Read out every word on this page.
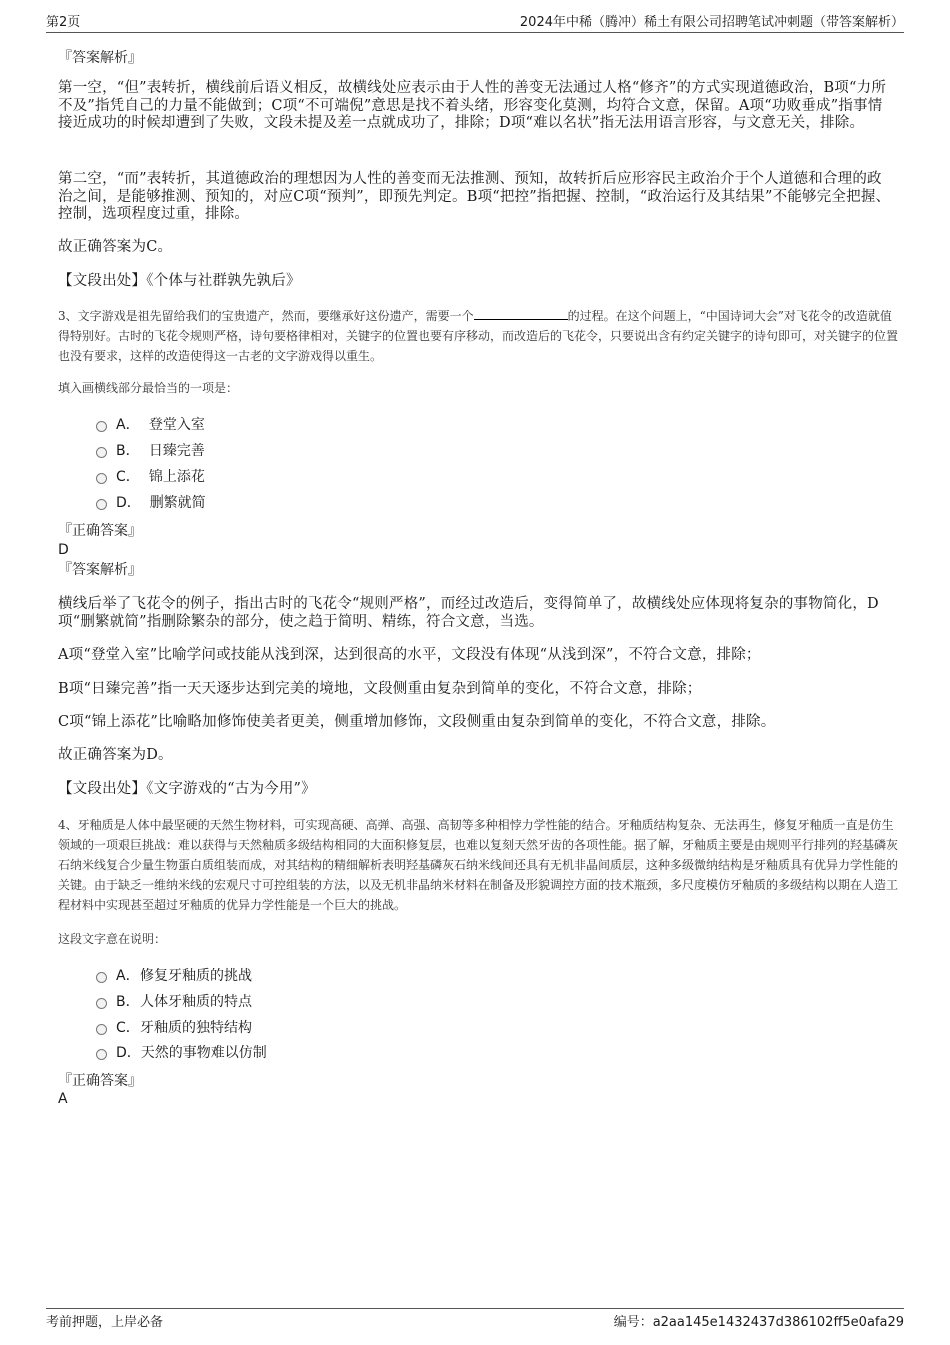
第2页	2024年中稀（腾冲）稀土有限公司招聘笔试冲刺题（带答案解析）
『答案解析』
第一空，“但”表转折，横线前后语义相反，故横线处应表示由于人性的善变无法通过人格“修齐”的方式实现道德政治，B项“力所不及”指凭自己的力量不能做到；C项“不可端倪”意思是找不着头绪，形容变化莫测，均符合文意，保留。A项“功败垂成”指事情接近成功的时候却遭到了失败，文段未提及差一点就成功了，排除；D项“难以名状”指无法用语言形容，与文意无关，排除。
第二空，“而”表转折，其道德政治的理想因为人性的善变而无法推测、预知，故转折后应形容民主政治介于个人道德和合理的政治之间，是能够推测、预知的，对应C项“预判”，即预先判定。B项“把控”指把握、控制，“政治运行及其结果”不能够完全把握、控制，选项程度过重，排除。
故正确答案为C。
【文段出处】《个体与社群孰先孰后》
3、文字游戏是祖先留给我们的宝贵遗产，然而，要继承好这份遗产，需要一个	的过程。在这个问题上，“中国诗词大会”对飞花令的改造就值得特别好。古时的飞花令规则严格，诗句要格律相对，关键字的位置也要有序移动，而改造后的飞花令，只要说出含有约定关键字的诗句即可，对关键字的位置也没有要求，这样的改造使得这一古老的文字游戏得以重生。
填入画横线部分最恰当的一项是：
A． 登堂入室
B． 日臻完善
C． 锦上添花
D． 删繁就简
『正确答案』
D
『答案解析』
横线后举了飞花令的例子，指出古时的飞花令“规则严格”，而经过改造后，变得简单了，故横线处应体现将复杂的事物简化，D项“删繁就简”指删除繁杂的部分，使之趋于简明、精练，符合文意，当选。
A项“登堂入室”比喻学问或技能从浅到深，达到很高的水平，文段没有体现“从浅到深”，不符合文意，排除；
B项“日臻完善”指一天天逐步达到完美的境地，文段侧重由复杂到简单的变化，不符合文意，排除；
C项“锦上添花”比喻略加修饰使美者更美，侧重增加修饰，文段侧重由复杂到简单的变化，不符合文意，排除。
故正确答案为D。
【文段出处】《文字游戏的“古为今用”》
4、牙釉质是人体中最坚硬的天然生物材料，可实现高硬、高弹、高强、高韧等多种相悖力学性能的结合。牙釉质结构复杂、无法再生，修复牙釉质一直是仿生领域的一项艰巨挑战：难以获得与天然釉质多级结构相同的大面积修复层，也难以复刻天然牙齿的各项性能。据了解，牙釉质主要是由规则平行排列的羟基磷灰石纳米线复合少量生物蛋白质组装而成，对其结构的精细解析表明羟基磷灰石纳米线间还具有无机非晶间质层，这种多级微纳结构是牙釉质具有优异力学性能的关键。由于缺乏一维纳米线的宏观尺寸可控组装的方法，以及无机非晶纳米材料在制备及形貌调控方面的技术瓶颈，多尺度模仿牙釉质的多级结构以期在人造工程材料中实现甚至超过牙釉质的优异力学性能是一个巨大的挑战。
这段文字意在说明：
A．修复牙釉质的挑战
B．人体牙釉质的特点
C．牙釉质的独特结构
D．天然的事物难以仿制
『正确答案』
A
考前押题，上岸必备	编号：a2aa145e1432437d386102ff5e0afa29
